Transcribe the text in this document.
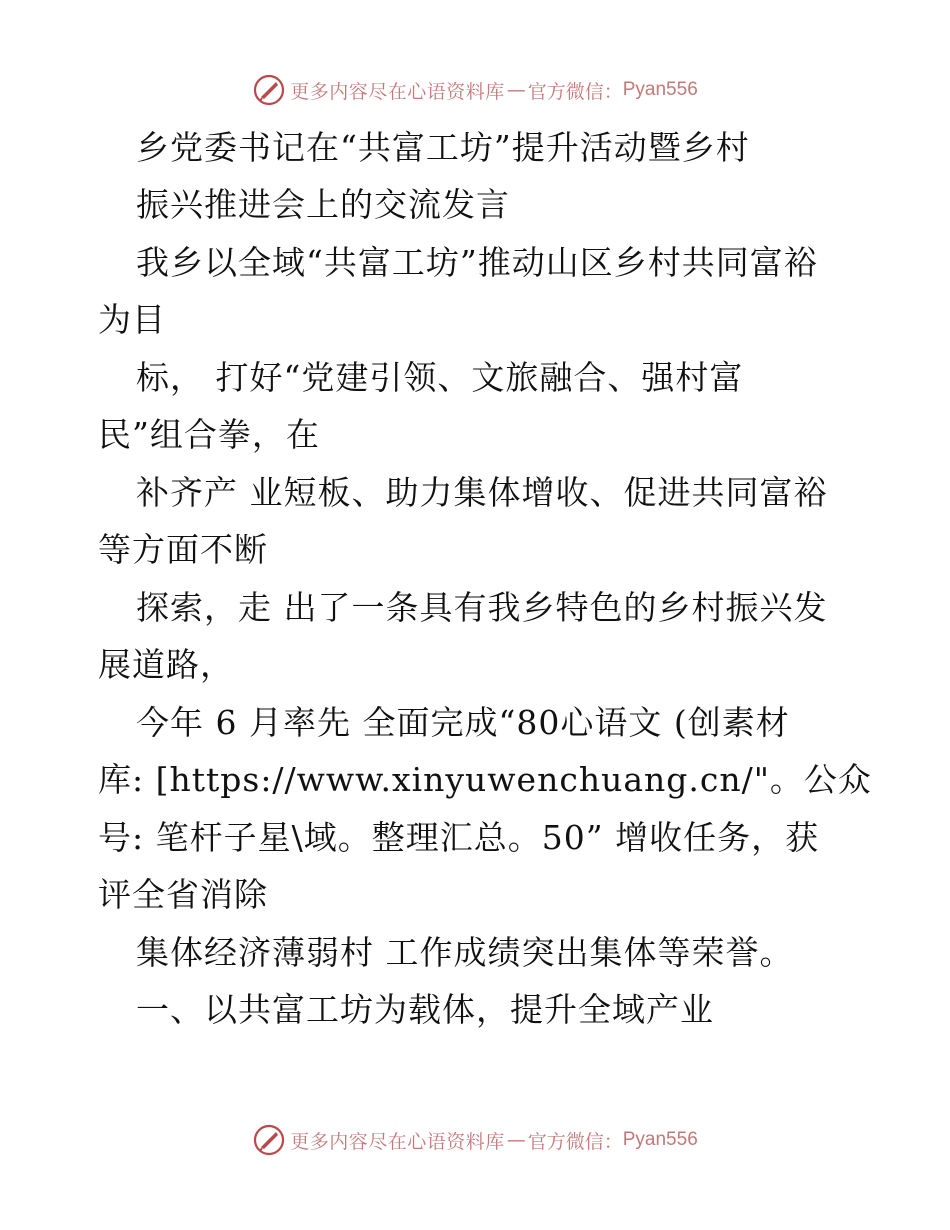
更多内容尽在心语资料库 — 官方微信： Pyan556
乡党委书记在“共富工坊”提升活动暨乡村
振兴推进会上的交流发言
我乡以全域“共富工坊”推动山区乡村共同富裕
为目
标， 打好“党建引领、文旅融合、强村富
民”组合拳，在
补齐产 业短板、助力集体增收、促进共同富裕
等方面不断
探索，走 出了一条具有我乡特色的乡村振兴发
展道路，
今年 6 月率先 全面完成“80心语文 (创素材
库: [https://www.xinyuwenchuang.cn/"。公众
号: 笔杆子星\域。整理汇总。50” 增收任务，获
评全省消除
集体经济薄弱村 工作成绩突出集体等荣誉。
一、以共富工坊为载体，提升全域产业
更多内容尽在心语资料库 — 官方微信： Pyan556
